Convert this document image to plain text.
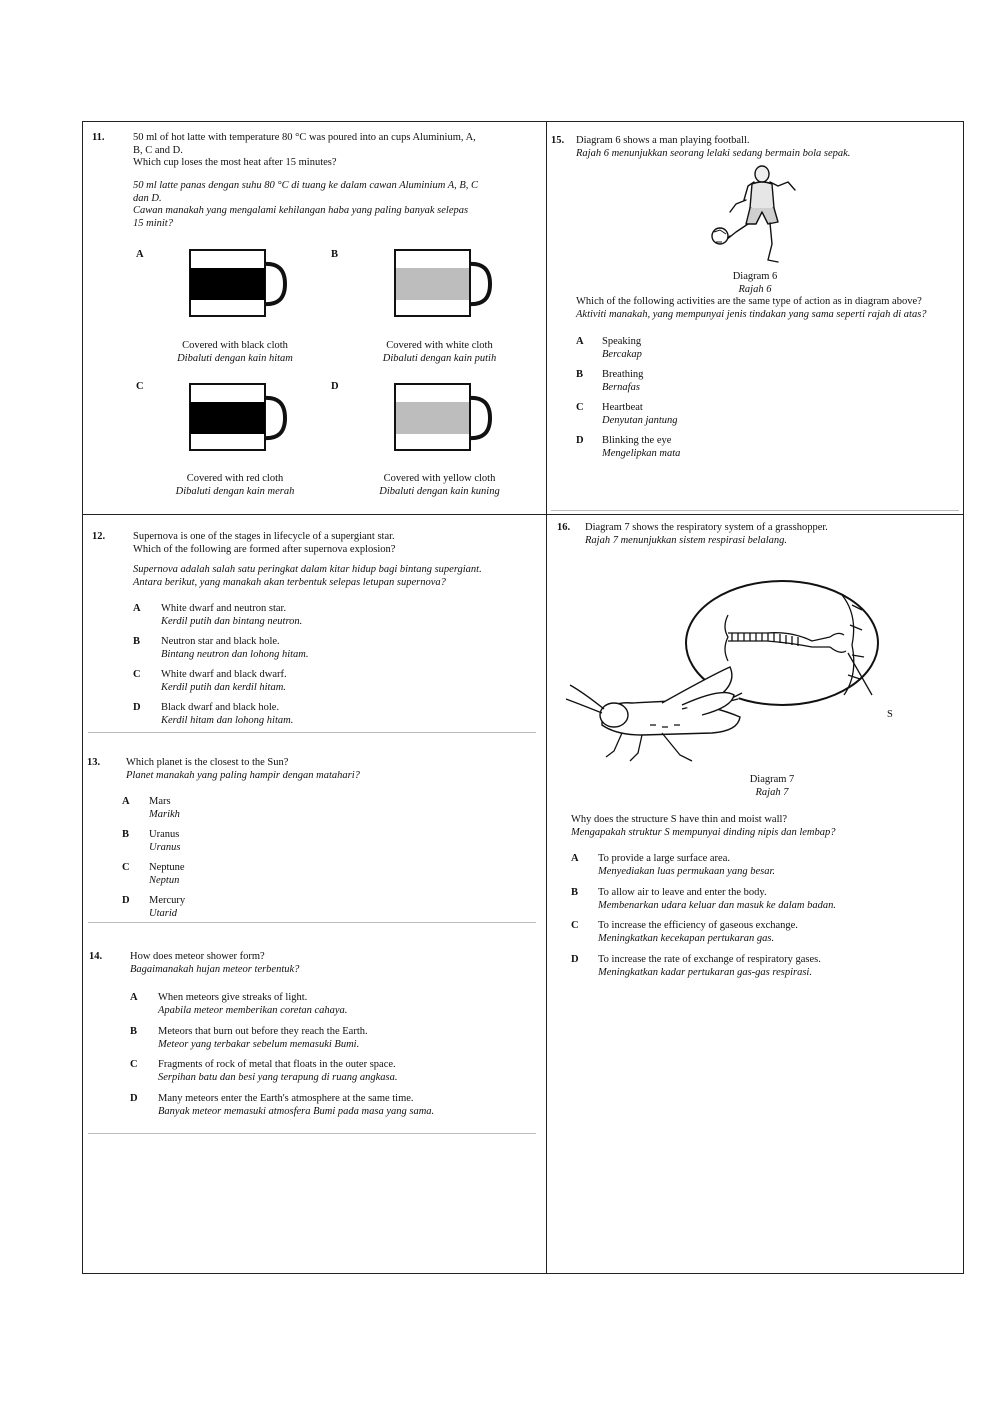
11.	50 ml of hot latte with temperature 80 °C was poured into an cups Aluminium, A,
B, C and D.
Which cup loses the most heat after 15 minutes?
50 ml latte panas dengan suhu 80 °C di tuang ke dalam cawan Aluminium A, B, C
dan D.
Cawan manakah yang mengalami kehilangan haba yang paling banyak selepas
15 minit?
A	B
Covered with black cloth
Dibaluti dengan kain hitam
Covered with white cloth
Dibaluti dengan kain putih
C	D
Covered with red cloth
Dibaluti dengan kain merah
Covered with yellow cloth
Dibaluti dengan kain kuning
12.	Supernova is one of the stages in lifecycle of a supergiant star.
Which of the following are formed after supernova explosion?
Supernova adalah salah satu peringkat dalam kitar hidup bagi bintang supergiant.
Antara berikut, yang manakah akan terbentuk selepas letupan supernova?
A White dwarf and neutron star.
Kerdil putih dan bintang neutron.
B Neutron star and black hole.
Bintang neutron dan lohong hitam.
C White dwarf and black dwarf.
Kerdil putih dan kerdil hitam.
D Black dwarf and black hole.
Kerdil hitam dan lohong hitam.
13. Which planet is the closest to the Sun?
Planet manakah yang paling hampir dengan matahari?
A Mars
Marikh
B Uranus
Uranus
C Neptune
Neptun
D Mercury
Utarid
14.	How does meteor shower form?
Bagaimanakah hujan meteor terbentuk?
A When meteors give streaks of light.
Apabila meteor memberikan coretan cahaya.
B Meteors that burn out before they reach the Earth.
Meteor yang terbakar sebelum memasuki Bumi.
C Fragments of rock of metal that floats in the outer space.
Serpihan batu dan besi yang terapung di ruang angkasa.
D Many meteors enter the Earth's atmosphere at the same time.
Banyak meteor memasuki atmosfera Bumi pada masa yang sama.
15. Diagram 6 shows a man playing football.
Rajah 6 menunjukkan seorang lelaki sedang bermain bola sepak.
Diagram 6
Rajah 6
Which of the following activities are the same type of action as in diagram above?
Aktiviti manakah, yang mempunyai jenis tindakan yang sama seperti rajah di atas?
A Speaking
Bercakap
B Breathing
Bernafas
C Heartbeat
Denyutan jantung
D Blinking the eye
Mengelipkan mata
16. Diagram 7 shows the respiratory system of a grasshopper.
Rajah 7 menunjukkan sistem respirasi belalang.
S
Diagram 7
Rajah 7
Why does the structure S have thin and moist wall?
Mengapakah struktur S mempunyai dinding nipis dan lembap?
A To provide a large surface area.
Menyediakan luas permukaan yang besar.
B To allow air to leave and enter the body.
Membenarkan udara keluar dan masuk ke dalam badan.
C To increase the efficiency of gaseous exchange.
Meningkatkan kecekapan pertukaran gas.
D To increase the rate of exchange of respiratory gases.
Meningkatkan kadar pertukaran gas-gas respirasi.
